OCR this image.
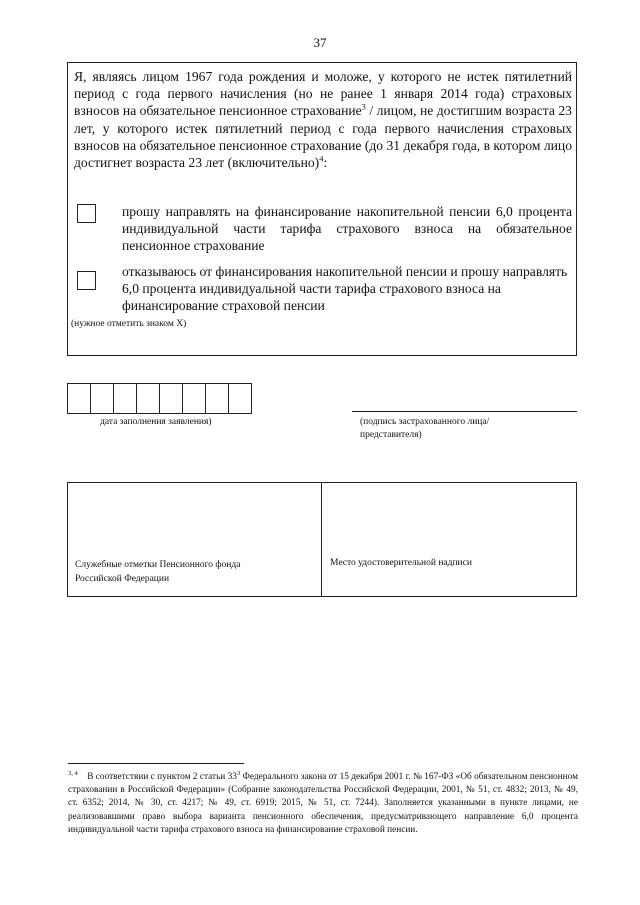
37
Я, являясь лицом 1967 года рождения и моложе, у которого не истек пятилетний период с года первого начисления (но не ранее 1 января 2014 года) страховых взносов на обязательное пенсионное страхование$^3$ / лицом, не достигшим возраста 23 лет, у которого истек пятилетний период с года первого начисления страховых взносов на обязательное пенсионное страхование (до 31 декабря года, в котором лицо достигнет возраста 23 лет (включительно)$^4$:
прошу направлять на финансирование накопительной пенсии 6,0 процента индивидуальной части тарифа страхового взноса на обязательное пенсионное страхование
отказываюсь от финансирования накопительной пенсии и прошу направлять 6,0 процента индивидуальной части тарифа страхового взноса на финансирование страховой пенсии
(нужное отметить знаком Х)
дата заполнения заявления)	(подпись застрахованного лица/
представителя)
Служебные отметки Пенсионного фонда
Российской Федерации
Место удостоверительной надписи
$^{3, 4}$ В соответствии с пунктом 2 статьи 33$^3$ Федерального закона от 15 декабря 2001 г. № 167-ФЗ «Об обязательном пенсионном страховании в Российской Федерации» (Собрание законодательства Российской Федерации, 2001, № 51, ст. 4832; 2013, № 49, ст. 6352; 2014, № 30, ст. 4217; № 49, ст. 6919; 2015, № 51, ст. 7244). Заполняется указанными в пункте лицами, не реализовавшими право выбора варианта пенсионного обеспечения, предусматривающего направление 6,0 процента индивидуальной части тарифа страхового взноса на финансирование страховой пенсии.
